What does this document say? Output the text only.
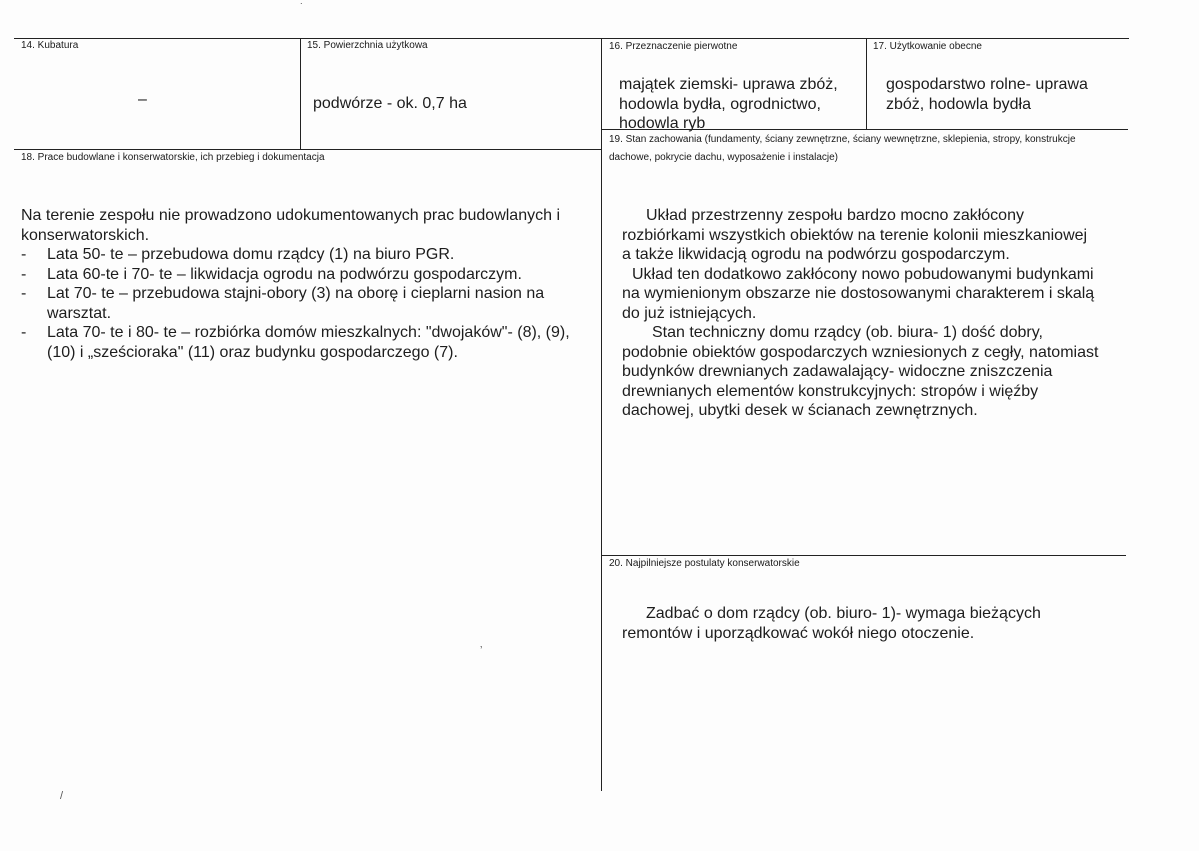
14. Kubatura
–
15. Powierzchnia użytkowa
podwórze - ok. 0,7 ha
16. Przeznaczenie pierwotne
majątek ziemski- uprawa zbóż,
hodowla bydła, ogrodnictwo,
hodowla ryb
17. Użytkowanie obecne
gospodarstwo rolne- uprawa
zbóż, hodowla bydła
18. Prace budowlane i konserwatorskie, ich przebieg i dokumentacja
Na terenie zespołu nie prowadzono udokumentowanych prac budowlanych i konserwatorskich.
- Lata 50- te – przebudowa domu rządcy (1) na biuro PGR.
- Lata 60-te i 70- te – likwidacja ogrodu na podwórzu gospodarczym.
- Lat 70- te – przebudowa stajni-obory (3) na oborę i cieplarni nasion na warsztat.
- Lata 70- te i 80- te – rozbiórka domów mieszkalnych: "dwojaków"- (8), (9), (10) i „sześcioraka" (11) oraz budynku gospodarczego (7).
19. Stan zachowania (fundamenty, ściany zewnętrzne, ściany wewnętrzne, sklepienia, stropy, konstrukcje dachowe, pokrycie dachu, wyposażenie i instalacje)
Układ przestrzenny zespołu bardzo mocno zakłócony rozbiórkami wszystkich obiektów na terenie kolonii mieszkaniowej a także likwidacją ogrodu na podwórzu gospodarczym.
Układ ten dodatkowo zakłócony nowo pobudowanymi budynkami na wymienionym obszarze nie dostosowanymi charakterem i skalą do już istniejących.
Stan techniczny domu rządcy (ob. biura- 1) dość dobry, podobnie obiektów gospodarczych wzniesionych z cegły, natomiast budynków drewnianych zadawalający- widoczne zniszczenia drewnianych elementów konstrukcyjnych: stropów i więźby dachowej, ubytki desek w ścianach zewnętrznych.
20. Najpilniejsze postulaty konserwatorskie
Zadbać o dom rządcy (ob. biuro- 1)- wymaga bieżących remontów i uporządkować wokół niego otoczenie.
˙
ʼ
/
